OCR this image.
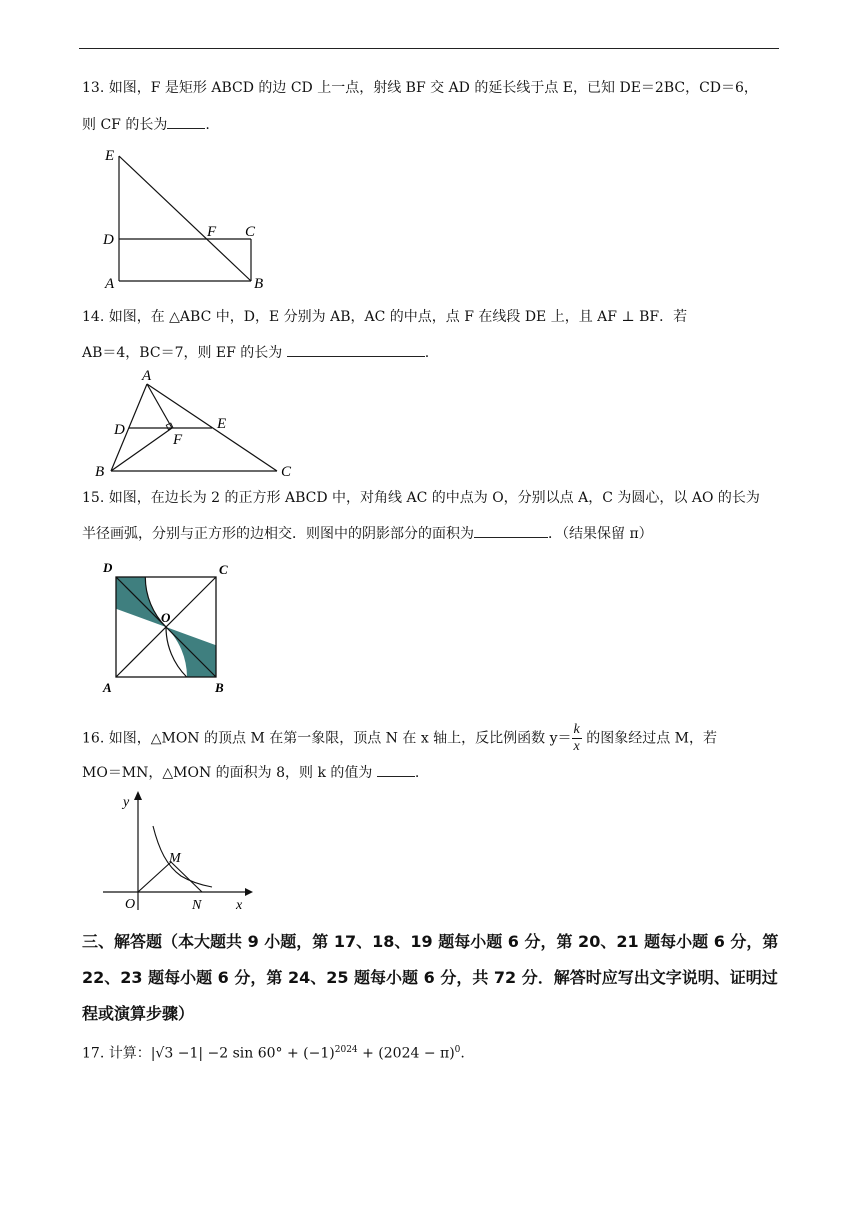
13. 如图，F 是矩形 ABCD 的边 CD 上一点，射线 BF 交 AD 的延长线于点 E，已知 DE＝2BC，CD＝6，
则 CF 的长为	.
E
D
A
F C
B
14. 如图，在 △ABC 中，D，E 分别为 AB，AC 的中点，点 F 在线段 DE 上，且 AF ⊥ BF．若
AB＝4，BC＝7，则 EF 的长为	.
A
D	E
F
B	C
15. 如图，在边长为 2 的正方形 ABCD 中，对角线 AC 的中点为 O，分别以点 A，C 为圆心，以 AO 的长为
半径画弧，分别与正方形的边相交．则图中的阴影部分的面积为	．（结果保留 π）
D	C
O
A	B
16. 如图，△MON 的顶点 M 在第一象限，顶点 N 在 x 轴上，反比例函数 $y= \frac{k}{x}$ 的图象经过点 M，若
MO＝MN，△MON 的面积为 8，则 k 的值为	.
y
x
O
M
N
三、解答题（本大题共 9 小题，第 17、18、19 题每小题 6 分，第 20、21 题每小题 6 分，第
22、23 题每小题 6 分，第 24、25 题每小题 6 分，共 72 分．解答时应写出文字说明、证明过
程或演算步骤）
17. 计算：|√3 −1| −2 $\sin 60^\circ + (-1)^{2024} + (2024 - \pi)^0$.
